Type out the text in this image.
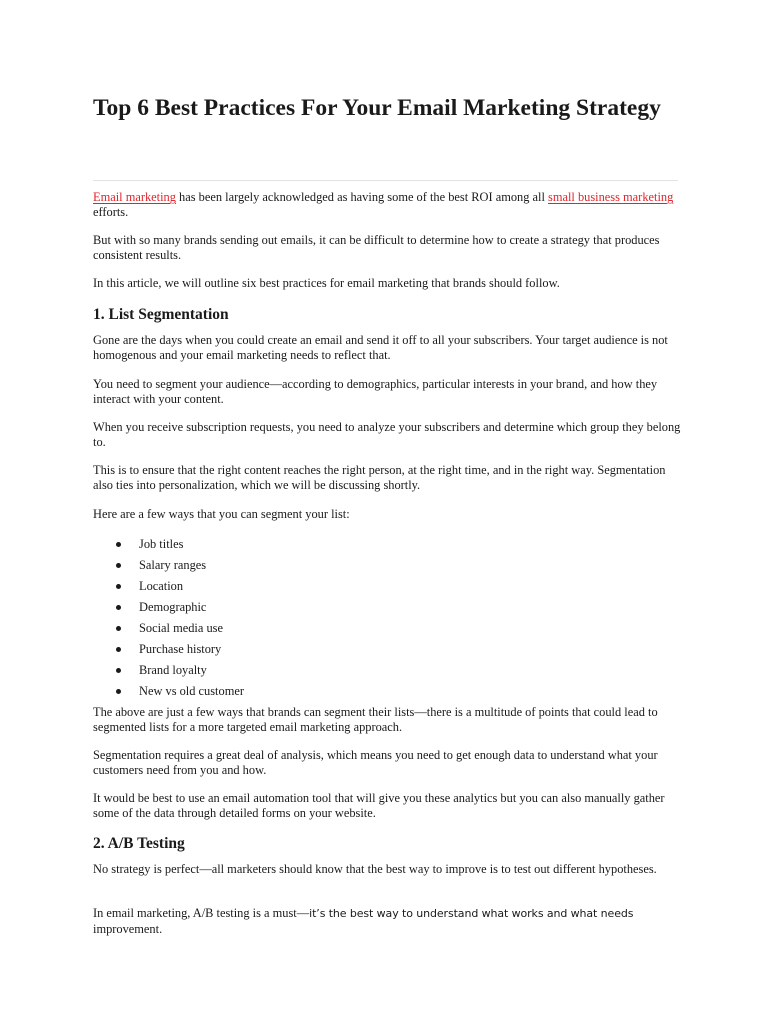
Top 6 Best Practices For Your Email Marketing Strategy

Email marketing has been largely acknowledged as having some of the best ROI among all small business marketing efforts.

But with so many brands sending out emails, it can be difficult to determine how to create a strategy that produces consistent results.

In this article, we will outline six best practices for email marketing that brands should follow.

1. List Segmentation

Gone are the days when you could create an email and send it off to all your subscribers. Your target audience is not homogenous and your email marketing needs to reflect that.

You need to segment your audience—according to demographics, particular interests in your brand, and how they interact with your content.

When you receive subscription requests, you need to analyze your subscribers and determine which group they belong to.

This is to ensure that the right content reaches the right person, at the right time, and in the right way. Segmentation also ties into personalization, which we will be discussing shortly.

Here are a few ways that you can segment your list:

Job titles
Salary ranges
Location
Demographic
Social media use
Purchase history
Brand loyalty
New vs old customer

The above are just a few ways that brands can segment their lists—there is a multitude of points that could lead to segmented lists for a more targeted email marketing approach.

Segmentation requires a great deal of analysis, which means you need to get enough data to understand what your customers need from you and how.

It would be best to use an email automation tool that will give you these analytics but you can also manually gather some of the data through detailed forms on your website.

2. A/B Testing

No strategy is perfect—all marketers should know that the best way to improve is to test out different hypotheses.

In email marketing, A/B testing is a must—it’s the best way to understand what works and what needs
improvement.
